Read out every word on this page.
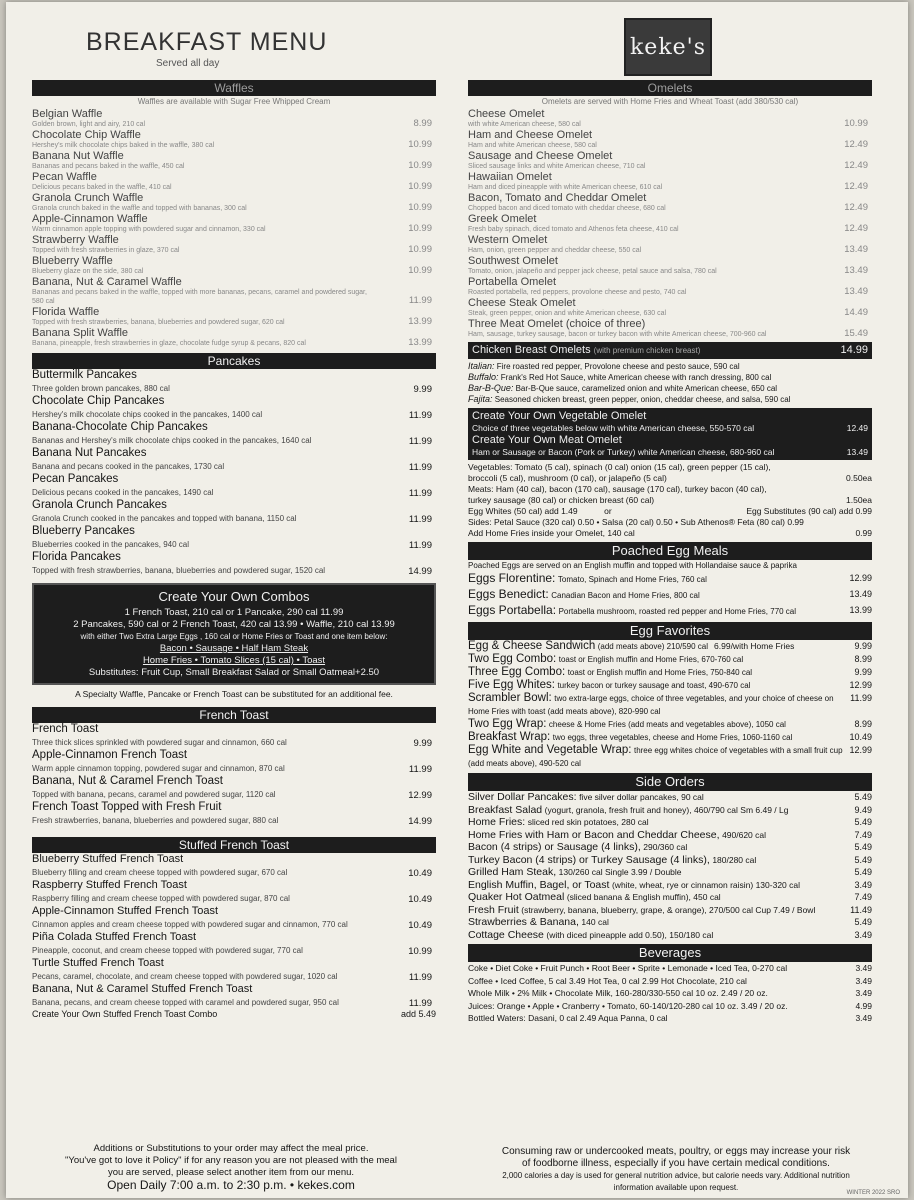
BREAKFAST MENU
Served all day
keke's
Waffles
Waffles are available with Sugar Free Whipped Cream
Belgian Waffle
Golden brown, light and airy, 210 cal	8.99
Chocolate Chip Waffle
Hershey's milk chocolate chips baked in the waffle, 380 cal	10.99
Banana Nut Waffle
Bananas and pecans baked in the waffle, 450 cal	10.99
Pecan Waffle
Delicious pecans baked in the waffle, 410 cal	10.99
Granola Crunch Waffle
Granola crunch baked in the waffle and topped with bananas, 300 cal	10.99
Apple-Cinnamon Waffle
Warm cinnamon apple topping with powdered sugar and cinnamon, 330 cal	10.99
Strawberry Waffle
Topped with fresh strawberries in glaze, 370 cal	10.99
Blueberry Waffle
Blueberry glaze on the side, 380 cal	10.99
Banana, Nut & Caramel Waffle
Bananas and pecans baked in the waffle, topped with more bananas, pecans, caramel and powdered sugar, 580 cal	11.99
Florida Waffle
Topped with fresh strawberries, banana, blueberries and powdered sugar, 620 cal	13.99
Banana Split Waffle
Banana, pineapple, fresh strawberries in glaze, chocolate fudge syrup & pecans, 820 cal	13.99
Pancakes
Buttermilk Pancakes
Three golden brown pancakes, 880 cal	9.99
Chocolate Chip Pancakes
Hershey's milk chocolate chips cooked in the pancakes, 1400 cal	11.99
Banana-Chocolate Chip Pancakes
Bananas and Hershey's milk chocolate chips cooked in the pancakes, 1640 cal	11.99
Banana Nut Pancakes
Banana and pecans cooked in the pancakes, 1730 cal	11.99
Pecan Pancakes
Delicious pecans cooked in the pancakes, 1490 cal	11.99
Granola Crunch Pancakes
Granola Crunch cooked in the pancakes and topped with banana, 1150 cal	11.99
Blueberry Pancakes
Blueberries cooked in the pancakes, 940 cal	11.99
Florida Pancakes
Topped with fresh strawberries, banana, blueberries and powdered sugar, 1520 cal	14.99
Create Your Own Combos
1 French Toast, 210 cal or 1 Pancake, 290 cal 11.99
2 Pancakes, 590 cal or 2 French Toast, 420 cal 13.99 • Waffle, 210 cal 13.99
with either Two Extra Large Eggs , 160 cal or Home Fries or Toast and one item below:
Bacon • Sausage • Half Ham Steak
Home Fries • Tomato Slices (15 cal) • Toast
Substitutes: Fruit Cup, Small Breakfast Salad or Small Oatmeal+2.50
A Specialty Waffle, Pancake or French Toast can be substituted for an additional fee.
French Toast
French Toast
Three thick slices sprinkled with powdered sugar and cinnamon, 660 cal	9.99
Apple-Cinnamon French Toast
Warm apple cinnamon topping, powdered sugar and cinnamon, 870 cal	11.99
Banana, Nut & Caramel French Toast
Topped with banana, pecans, caramel and powdered sugar, 1120 cal	12.99
French Toast Topped with Fresh Fruit
Fresh strawberries, banana, blueberries and powdered sugar, 880 cal	14.99
Stuffed French Toast
Blueberry Stuffed French Toast
Blueberry filling and cream cheese topped with powdered sugar, 670 cal	10.49
Raspberry Stuffed French Toast
Raspberry filling and cream cheese topped with powdered sugar, 870 cal	10.49
Apple-Cinnamon Stuffed French Toast
Cinnamon apples and cream cheese topped with powdered sugar and cinnamon, 770 cal	10.49
Piña Colada Stuffed French Toast
Pineapple, coconut, and cream cheese topped with powdered sugar, 770 cal	10.99
Turtle Stuffed French Toast
Pecans, caramel, chocolate, and cream cheese topped with powdered sugar, 1020 cal	11.99
Banana, Nut & Caramel Stuffed French Toast
Banana, pecans, and cream cheese topped with caramel and powdered sugar, 950 cal	11.99
Create Your Own Stuffed French Toast Combo	add 5.49
Additions or Substitutions to your order may affect the meal price.
"You've got to love it Policy" if for any reason you are not pleased with the meal
you are served, please select another item from our menu.
Open Daily 7:00 a.m. to 2:30 p.m. • kekes.com
Omelets
Omelets are served with Home Fries and Wheat Toast (add 380/530 cal)
Cheese Omelet
with white American cheese, 580 cal	10.99
Ham and Cheese Omelet
Ham and white American cheese, 580 cal	12.49
Sausage and Cheese Omelet
Sliced sausage links and white American cheese, 710 cal	12.49
Hawaiian Omelet
Ham and diced pineapple with white American cheese, 610 cal	12.49
Bacon, Tomato and Cheddar Omelet
Chopped bacon and diced tomato with cheddar cheese, 680 cal	12.49
Greek Omelet
Fresh baby spinach, diced tomato and Athenos feta cheese, 410 cal	12.49
Western Omelet
Ham, onion, green pepper and cheddar cheese, 550 cal	13.49
Southwest Omelet
Tomato, onion, jalapeño and pepper jack cheese, petal sauce and salsa, 780 cal	13.49
Portabella Omelet
Roasted portabella, red peppers, provolone cheese and pesto, 740 cal	13.49
Cheese Steak Omelet
Steak, green pepper, onion and white American cheese, 630 cal	14.49
Three Meat Omelet (choice of three)
Ham, sausage, turkey sausage, bacon or turkey bacon with white American cheese, 700-960 cal	15.49
Chicken Breast Omelets (with premium chicken breast)	14.99
Italian: Fire roasted red pepper, Provolone cheese and pesto sauce, 590 cal
Buffalo: Frank's Red Hot Sauce, white American cheese with ranch dressing, 800 cal
Bar-B-Que: Bar-B-Que sauce, caramelized onion and white American cheese, 650 cal
Fajita: Seasoned chicken breast, green pepper, onion, cheddar cheese, and salsa, 590 cal
Create Your Own Vegetable Omelet
Choice of three vegetables below with white American cheese, 550-570 cal	12.49
Create Your Own Meat Omelet
Ham or Sausage or Bacon (Pork or Turkey) white American cheese, 680-960 cal	13.49
Vegetables: Tomato (5 cal), spinach (0 cal) onion (15 cal), green pepper (15 cal),
broccoli (5 cal), mushroom (0 cal), or jalapeño (5 cal)	0.50ea
Meats: Ham (40 cal), bacon (170 cal), sausage (170 cal), turkey bacon (40 cal),
turkey sausage (80 cal) or chicken breast (60 cal)	1.50ea
Egg Whites (50 cal) add 1.49	or	Egg Substitutes (90 cal) add 0.99
Sides: Petal Sauce (320 cal) 0.50 • Salsa (20 cal) 0.50 • Sub Athenos® Feta (80 cal) 0.99
Add Home Fries inside your Omelet, 140 cal	0.99
Poached Egg Meals
Poached Eggs are served on an English muffin and topped with Hollandaise sauce & paprika
Eggs Florentine: Tomato, Spinach and Home Fries, 760 cal	12.99
Eggs Benedict: Canadian Bacon and Home Fries, 800 cal	13.49
Eggs Portabella: Portabella mushroom, roasted red pepper and Home Fries, 770 cal	13.99
Egg Favorites
Egg & Cheese Sandwich (add meats above) 210/590 cal 6.99/with Home Fries	9.99
Two Egg Combo: toast or English muffin and Home Fries, 670-760 cal	8.99
Three Egg Combo: toast or English muffin and Home Fries, 750-840 cal	9.99
Five Egg Whites: turkey bacon or turkey sausage and toast, 490-670 cal	12.99
Scrambler Bowl: two extra-large eggs, choice of three vegetables, and your choice of cheese on Home Fries with toast (add meats above), 820-990 cal
11.99
Two Egg Wrap: cheese & Home Fries (add meats and vegetables above), 1050 cal	8.99
Breakfast Wrap: two eggs, three vegetables, cheese and Home Fries, 1060-1160 cal	10.49
Egg White and Vegetable Wrap: three egg whites choice of vegetables with a small fruit cup (add meats above), 490-520 cal
12.99
Side Orders
Silver Dollar Pancakes: five silver dollar pancakes, 90 cal	5.49
Breakfast Salad (yogurt, granola, fresh fruit and honey), 460/790 cal Sm 6.49 / Lg	9.49
Home Fries: sliced red skin potatoes, 280 cal	5.49
Home Fries with Ham or Bacon and Cheddar Cheese, 490/620 cal	7.49
Bacon (4 strips) or Sausage (4 links), 290/360 cal	5.49
Turkey Bacon (4 strips) or Turkey Sausage (4 links), 180/280 cal	5.49
Grilled Ham Steak, 130/260 cal Single 3.99 / Double	5.49
English Muffin, Bagel, or Toast (white, wheat, rye or cinnamon raisin) 130-320 cal	3.49
Quaker Hot Oatmeal (sliced banana & English muffin), 450 cal	7.49
Fresh Fruit (strawberry, banana, blueberry, grape, & orange), 270/500 cal Cup 7.49 / Bowl	11.49
Strawberries & Banana, 140 cal	5.49
Cottage Cheese (with diced pineapple add 0.50), 150/180 cal	3.49
Beverages
Coke • Diet Coke • Fruit Punch • Root Beer • Sprite • Lemonade • Iced Tea, 0-270 cal	3.49
Coffee • Iced Coffee, 5 cal 3.49 Hot Tea, 0 cal 2.99 Hot Chocolate, 210 cal	3.49
Whole Milk • 2% Milk • Chocolate Milk, 160-280/330-550 cal 10 oz. 2.49 / 20 oz.	3.49
Juices: Orange • Apple • Cranberry • Tomato, 60-140/120-280 cal 10 oz. 3.49 / 20 oz.	4.99
Bottled Waters: Dasani, 0 cal 2.49 Aqua Panna, 0 cal	3.49
Consuming raw or undercooked meats, poultry, or eggs may increase your risk
of foodborne illness, especially if you have certain medical conditions.
2,000 calories a day is used for general nutrition advice, but calorie needs vary. Additional nutrition
information available upon request.
WINTER 2022 SRO
